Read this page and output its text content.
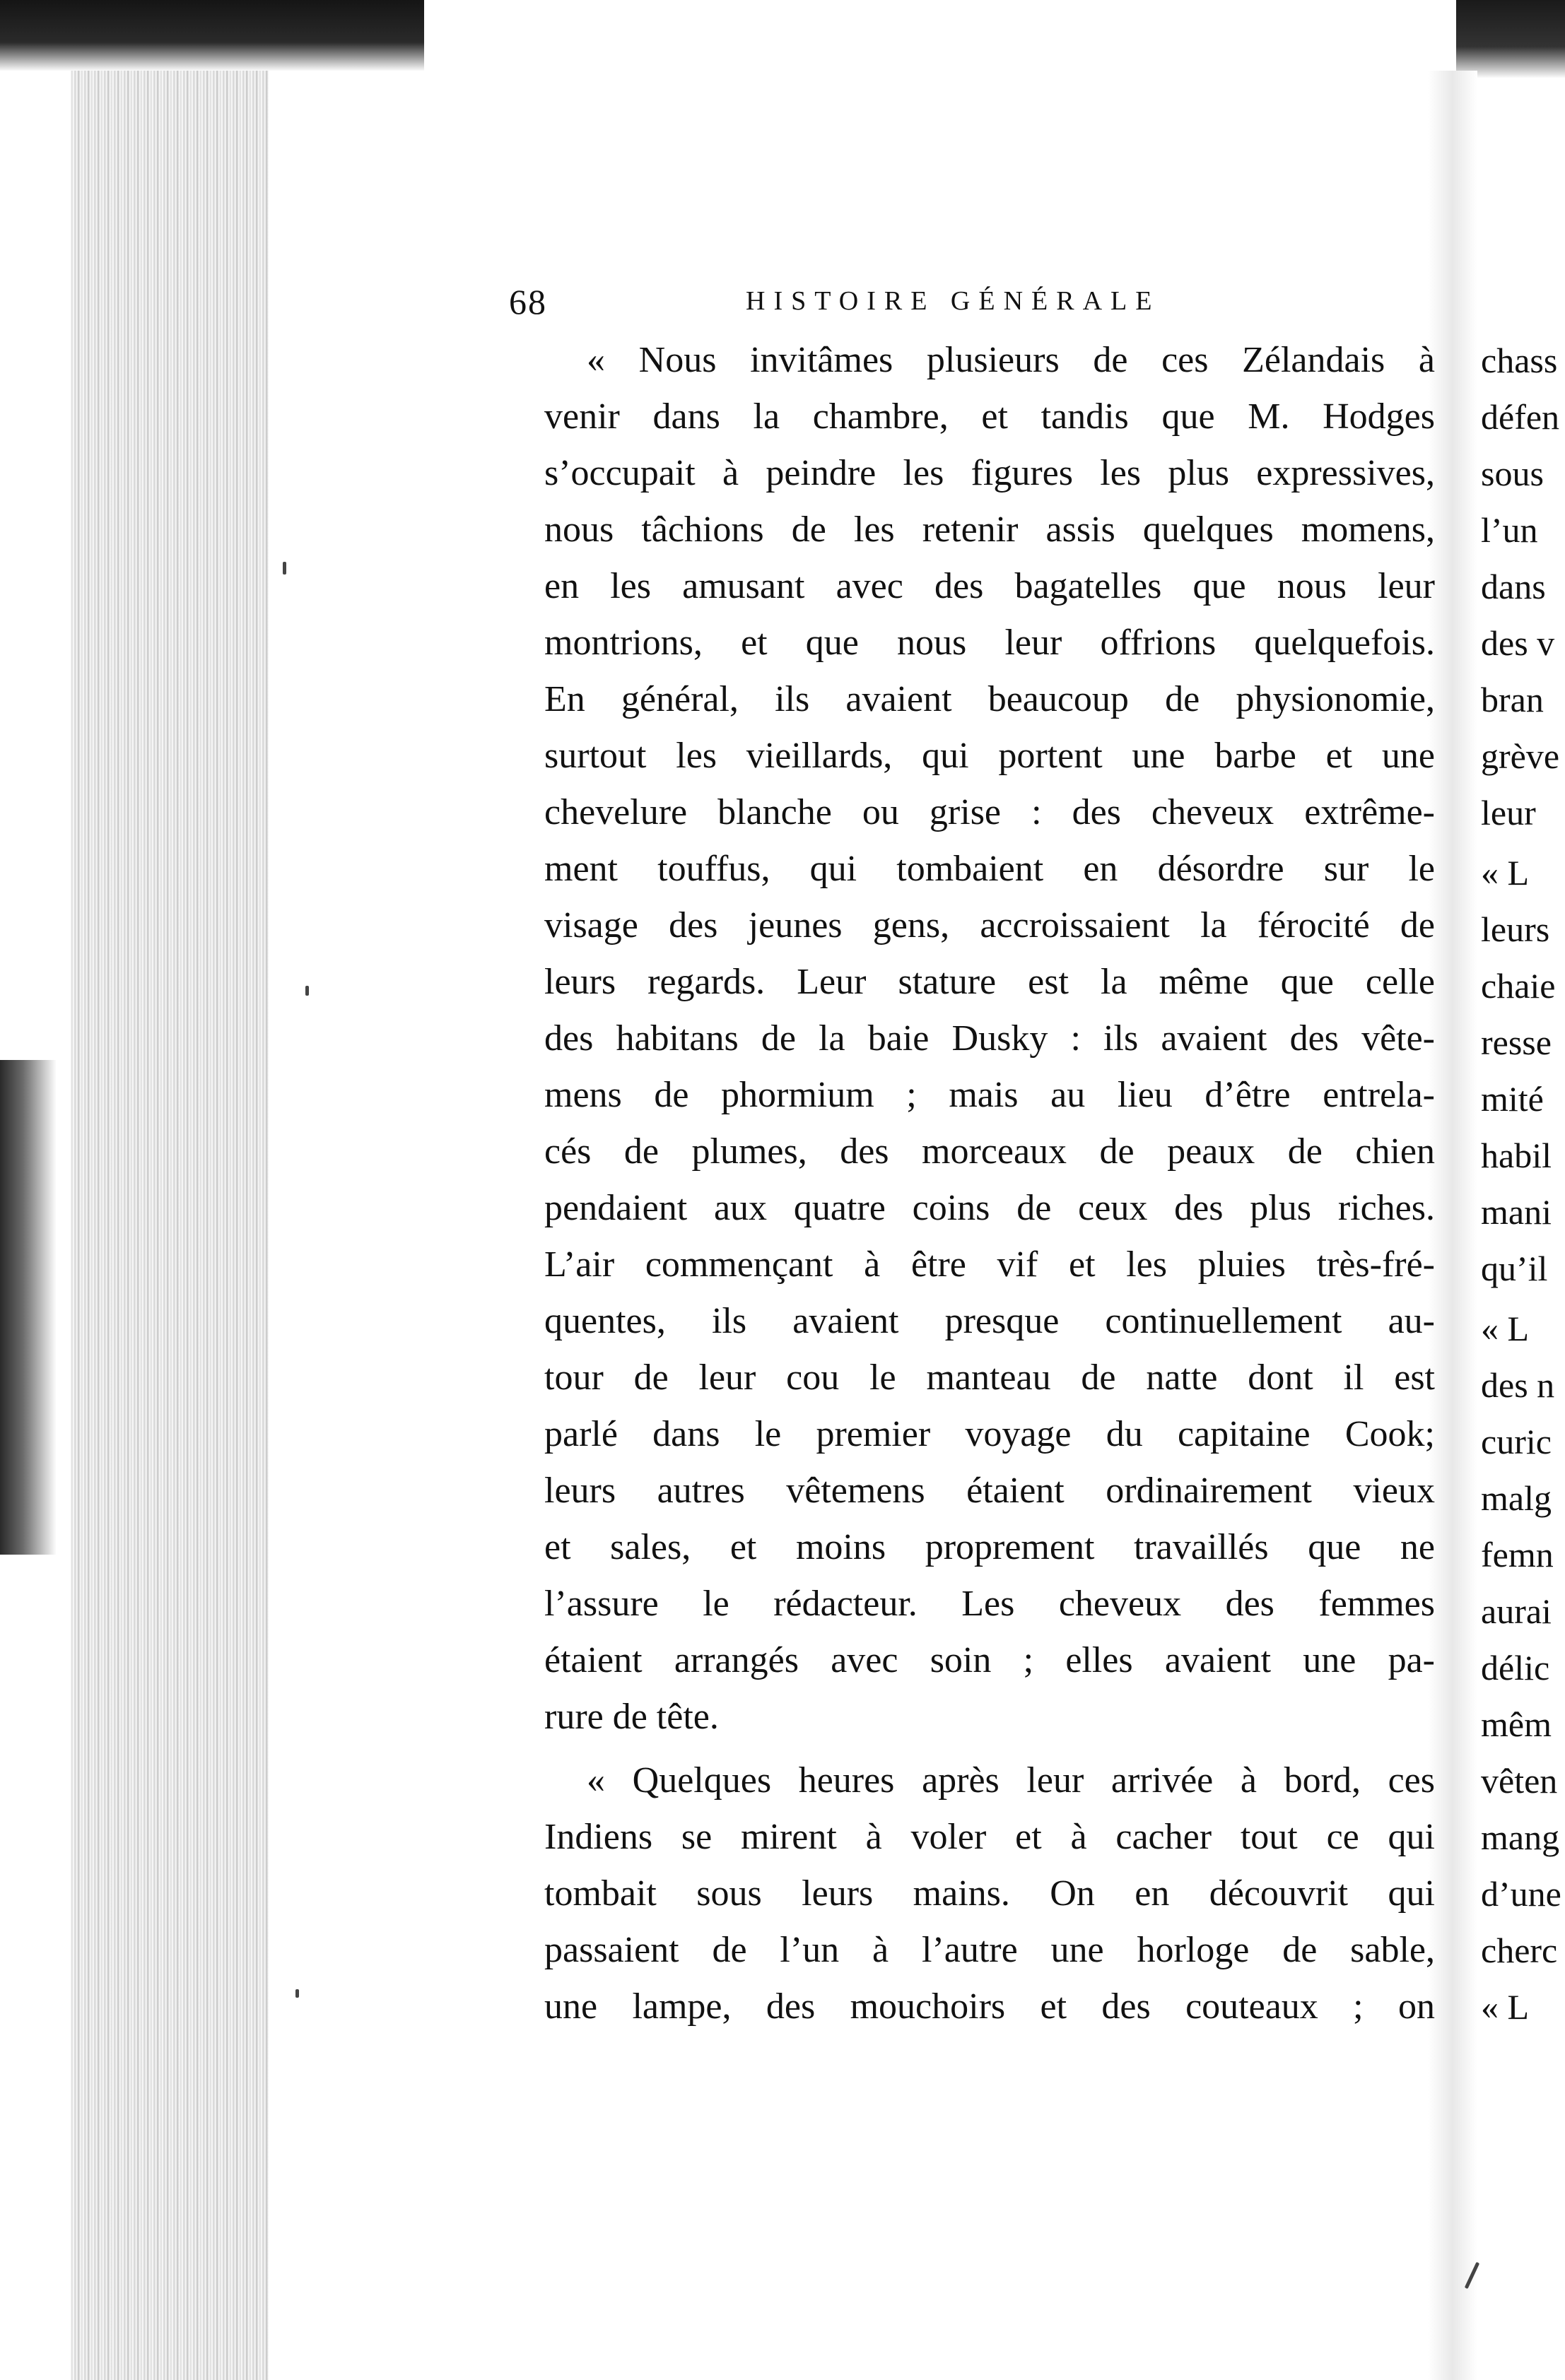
68	HISTOIRE GÉNÉRALE
« Nous invitâmes plusieurs de ces Zélandais à
venir dans la chambre, et tandis que M. Hodges
s’occupait à peindre les figures les plus expressives,
nous tâchions de les retenir assis quelques momens,
en les amusant avec des bagatelles que nous leur
montrions, et que nous leur offrions quelquefois.
En général, ils avaient beaucoup de physionomie,
surtout les vieillards, qui portent une barbe et une
chevelure blanche ou grise : des cheveux extrême-
ment touffus, qui tombaient en désordre sur le
visage des jeunes gens, accroissaient la férocité de
leurs regards. Leur stature est la même que celle
des habitans de la baie Dusky : ils avaient des vête-
mens de phormium ; mais au lieu d’être entrela-
cés de plumes, des morceaux de peaux de chien
pendaient aux quatre coins de ceux des plus riches.
L’air commençant à être vif et les pluies très-fré-
quentes, ils avaient presque continuellement au-
tour de leur cou le manteau de natte dont il est
parlé dans le premier voyage du capitaine Cook;
leurs autres vêtemens étaient ordinairement vieux
et sales, et moins proprement travaillés que ne
l’assure le rédacteur. Les cheveux des femmes
étaient arrangés avec soin ; elles avaient une pa-
rure de tête.
« Quelques heures après leur arrivée à bord, ces
Indiens se mirent à voler et à cacher tout ce qui
tombait sous leurs mains. On en découvrit qui
passaient de l’un à l’autre une horloge de sable,
une lampe, des mouchoirs et des couteaux ; on
chass
défen
sous
l’un
dans
des v
bran
grève
leur
« L
leurs
chaie
resse
mité
habil
mani
qu’il
« L
des n
curic
malg
femn
aurai
délic
mêm
vêten
mang
d’une
cherc
« L
